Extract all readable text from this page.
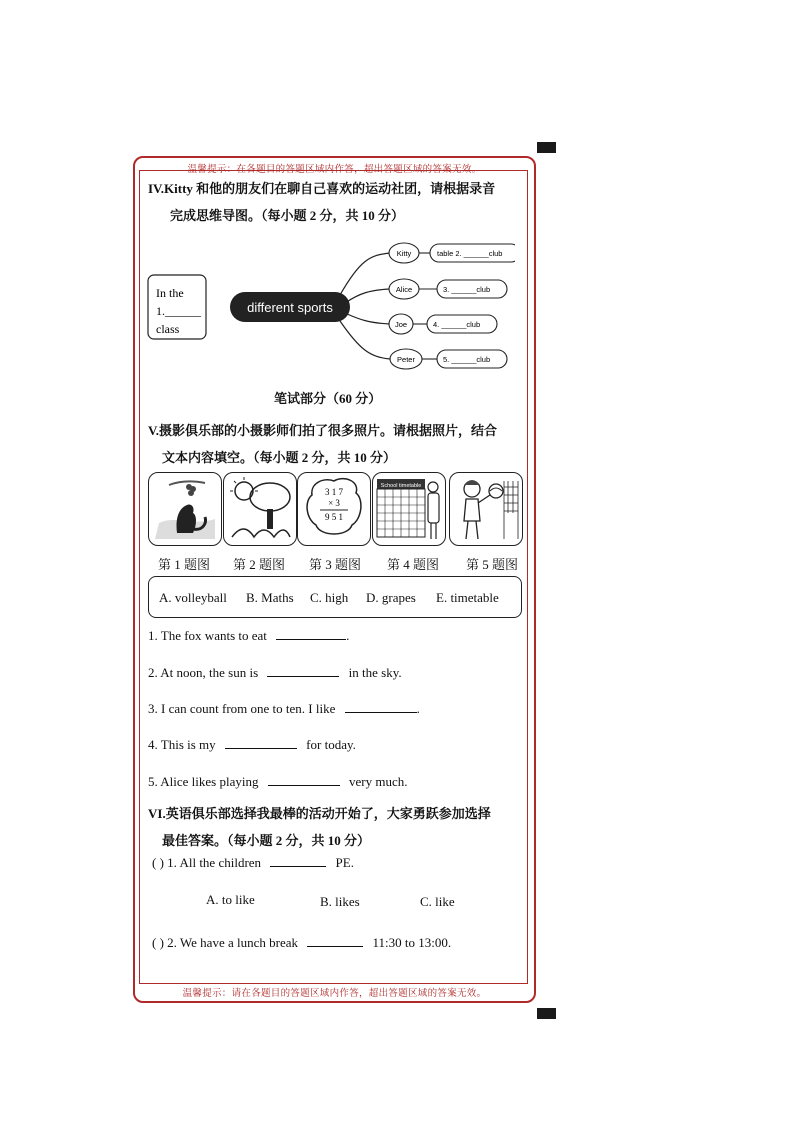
温馨提示：在各题目的答题区域内作答，超出答题区域的答案无效。
温馨提示：请在各题目的答题区域内作答，超出答题区域的答案无效。
IV.Kitty 和他的朋友们在聊自己喜欢的运动社团，请根据录音
完成思维导图。（每小题 2 分，共 10 分）
In the
1.______
class
different sports
Kitty
Alice
Joe
Peter
table 2. ______club
3. ______club
4. ______club
5. ______club
笔试部分（60 分）
V.摄影俱乐部的小摄影师们拍了很多照片。请根据照片，结合
文本内容填空。（每小题 2 分，共 10 分）
3 1 7
× 3
9 5 1
School timetable
第 1 题图	第 2 题图	第 3 题图	第 4 题图	第 5 题图
A. volleyball B. Maths C. high D. grapes E. timetable
1. The fox wants to eat	.
2. At noon, the sun is	in the sky.
3. I can count from one to ten. I like	.
4. This is my	for today.
5. Alice likes playing	very much.
VI.英语俱乐部选择我最棒的活动开始了，大家勇跃参加选择
最佳答案。（每小题 2 分，共 10 分）
( ) 1. All the children	PE.
A. to like	B. likes	C. like
( ) 2. We have a lunch break	11:30 to 13:00.
